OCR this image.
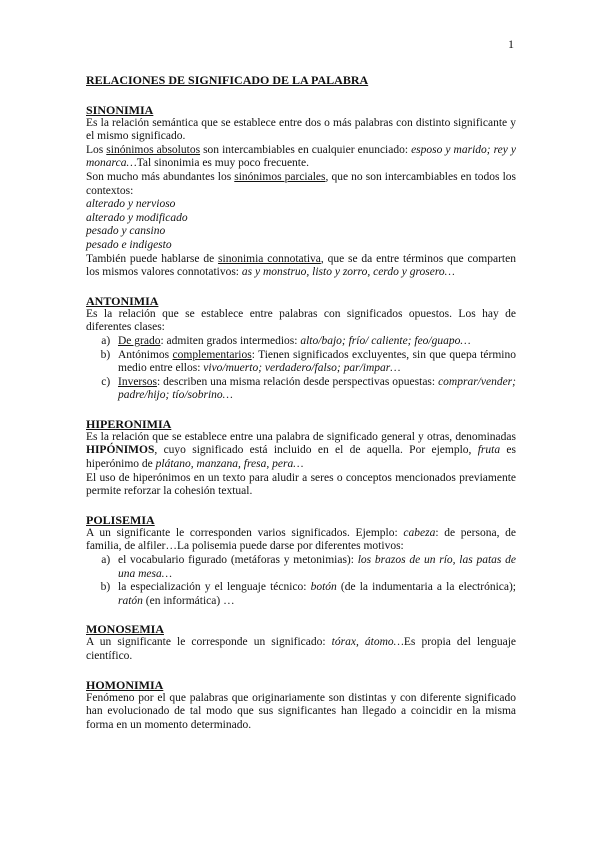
1
RELACIONES DE SIGNIFICADO DE LA PALABRA
SINONIMIA

Es la relación semántica que se establece entre dos o más palabras con distinto significante y el mismo significado.

Los sinónimos absolutos son intercambiables en cualquier enunciado: esposo y marido; rey y monarca…Tal sinonimia es muy poco frecuente.

Son mucho más abundantes los sinónimos parciales, que no son intercambiables en todos los contextos:

alterado y nervioso
alterado y modificado
pesado y cansino
pesado e indigesto

También puede hablarse de sinonimia connotativa, que se da entre términos que comparten los mismos valores connotativos: as y monstruo, listo y zorro, cerdo y grosero…

ANTONIMIA

Es la relación que se establece entre palabras con significados opuestos. Los hay de diferentes clases:

a. De grado: admiten grados intermedios: alto/bajo; frío/ caliente; feo/guapo…
b. Antónimos complementarios: Tienen significados excluyentes, sin que quepa término medio entre ellos: vivo/muerto; verdadero/falso; par/impar…
c. Inversos: describen una misma relación desde perspectivas opuestas: comprar/vender; padre/hijo; tío/sobrino…
HIPERONIMIA

Es la relación que se establece entre una palabra de significado general y otras, denominadas HIPÓNIMOS, cuyo significado está incluido en el de aquella. Por ejemplo, fruta es hiperónimo de plátano, manzana, fresa, pera…

El uso de hiperónimos en un texto para aludir a seres o conceptos mencionados previamente permite reforzar la cohesión textual.

POLISEMIA

A un significante le corresponden varios significados. Ejemplo: cabeza: de persona, de familia, de alfiler…La polisemia puede darse por diferentes motivos:

a. el vocabulario figurado (metáforas y metonimias): los brazos de un río, las patas de una mesa…
b. la especialización y el lenguaje técnico: botón (de la indumentaria a la electrónica); ratón (en informática) …
MONOSEMIA

A un significante le corresponde un significado: tórax, átomo…Es propia del lenguaje científico.

HOMONIMIA

Fenómeno por el que palabras que originariamente son distintas y con diferente significado han evolucionado de tal modo que sus significantes han llegado a coincidir en la misma forma en un momento determinado.
